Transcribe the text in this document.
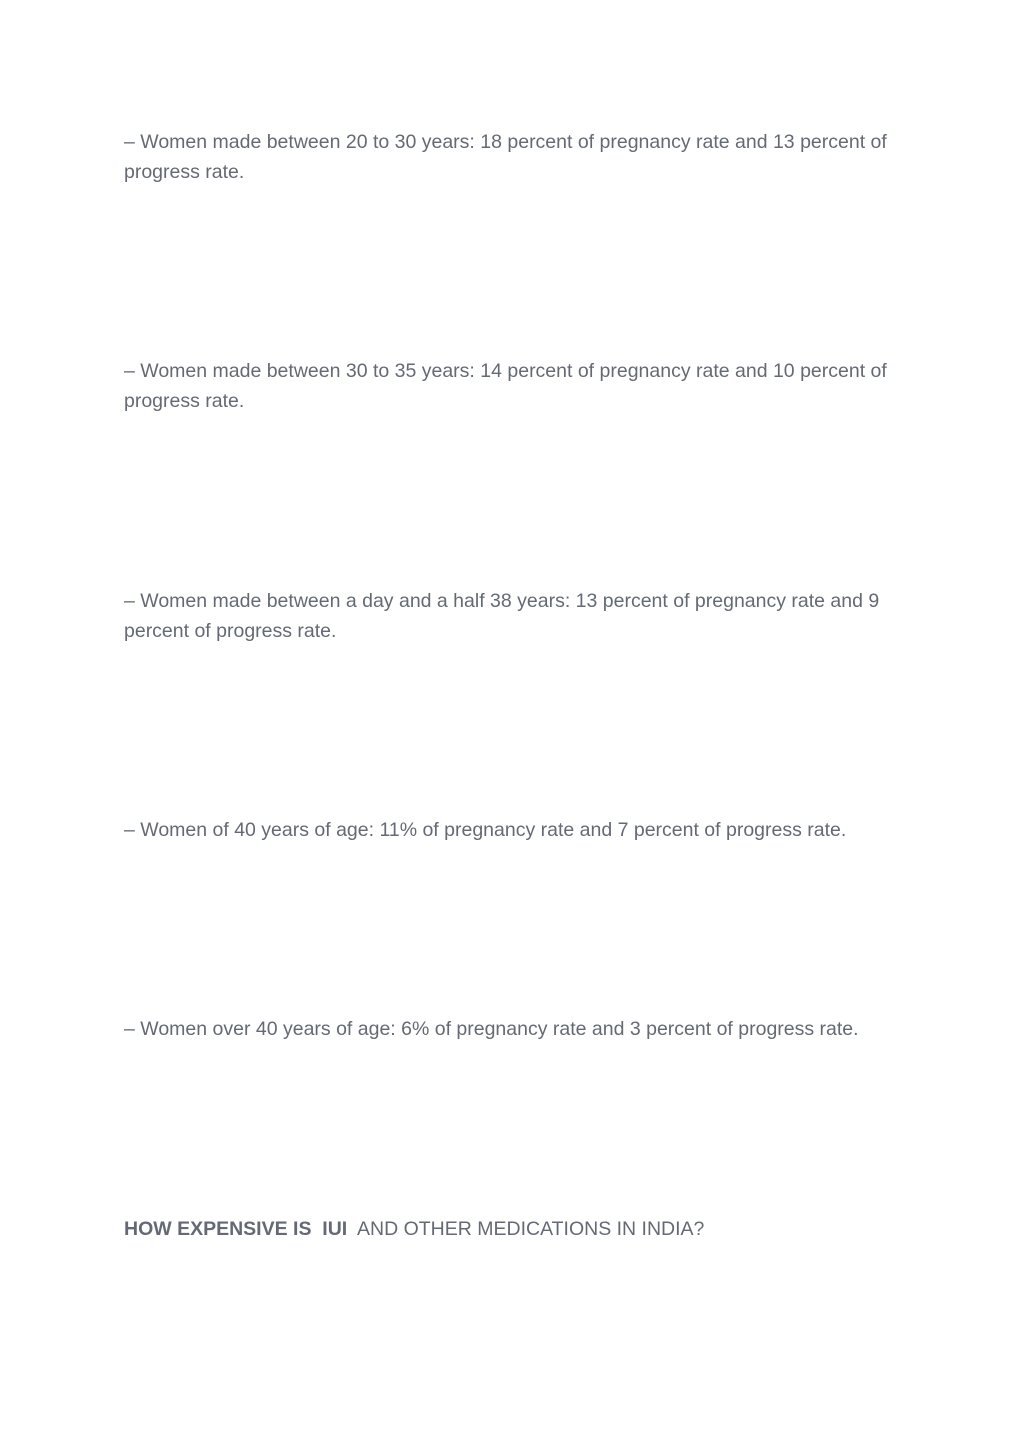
– Women made between 20 to 30 years: 18 percent of pregnancy rate and 13 percent of progress rate.

– Women made between 30 to 35 years: 14 percent of pregnancy rate and 10 percent of progress rate.

– Women made between a day and a half 38 years: 13 percent of pregnancy rate and 9 percent of progress rate.

– Women of 40 years of age: 11% of pregnancy rate and 7 percent of progress rate.

– Women over 40 years of age: 6% of pregnancy rate and 3 percent of progress rate.

HOW EXPENSIVE IS  IUI  AND OTHER MEDICATIONS IN INDIA?
